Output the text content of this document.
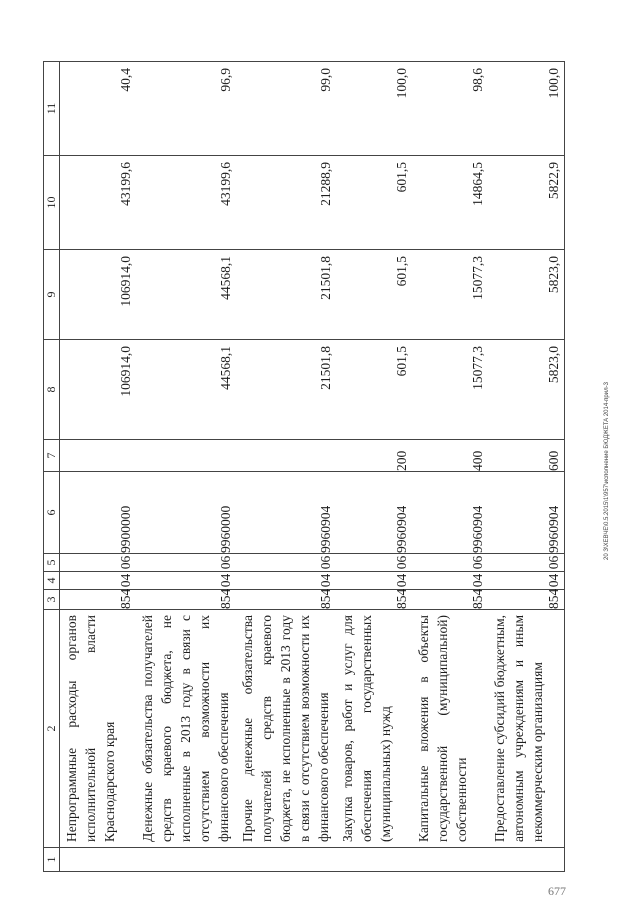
1	2	3	4	5	6	7	8	9	10	11
	Непрограммные расходы органов исполнительной власти Краснодарского края	854	04	06	9900000		106914,0	106914,0	43199,6	40,4
	Денежные обязательства получателей средств краевого бюджета, не исполненные в 2013 году в связи с отсутствием возможности их финансового обеспечения	854	04	06	9960000		44568,1	44568,1	43199,6	96,9
	Прочие денежные обязательства получателей средств краевого бюджета, не исполненные в 2013 году в связи с отсутствием возможности их финансового обеспечения	854	04	06	9960904		21501,8	21501,8	21288,9	99,0
	Закупка товаров, работ и услуг для обеспечения государственных (муниципальных) нужд	854	04	06	9960904	200	601,5	601,5	601,5	100,0
	Капитальные вложения в объекты государственной (муниципальной) собственности	854	04	06	9960904	400	15077,3	15077,3	14864,5	98,6
	Предоставление субсидий бюджетным, автономным учреждениям и иным некоммерческим организациям	854	04	06	9960904	600	5823,0	5823,0	5822,9	100,0
20 З\ХЕВЧЕ\0.5.2015\1\957\исполнение БЮДЖЕТА 2014-прил-3
677
